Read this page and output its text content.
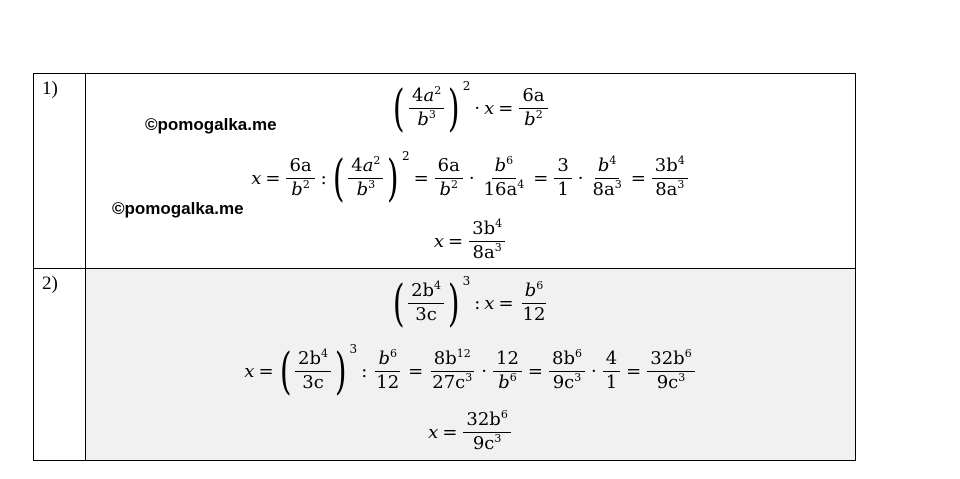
1)	( $\frac{4a^2}{b^3}$ ) 2
· $x = \frac{6a}{b^2}$
$x = \frac{6a}{b^2}$ : ( $\frac{4a^2}{b^3}$ ) 2
= $\frac{6a}{b^2} \cdot \frac{b^6}{16a^4} = \frac{3}{1} \cdot \frac{b^4}{8a^3} = \frac{3b^4}{8a^3}$
$x = \frac{3b^4}{8a^3}$
2)	( $\frac{2b^4}{3c}$ ) 3
: $x = \frac{b^6}{12}$
x = ( $\frac{2b^4}{3c}$ ) 3
: $\frac{b^6}{12} = \frac{8b^{12}}{27c^3} \cdot \frac{12}{b^6} = \frac{8b^6}{9c^3} \cdot \frac{4}{1} = \frac{32b^6}{9c^3}$
$x = \frac{32b^6}{9c^3}$
©pomogalka.me
©pomogalka.me
